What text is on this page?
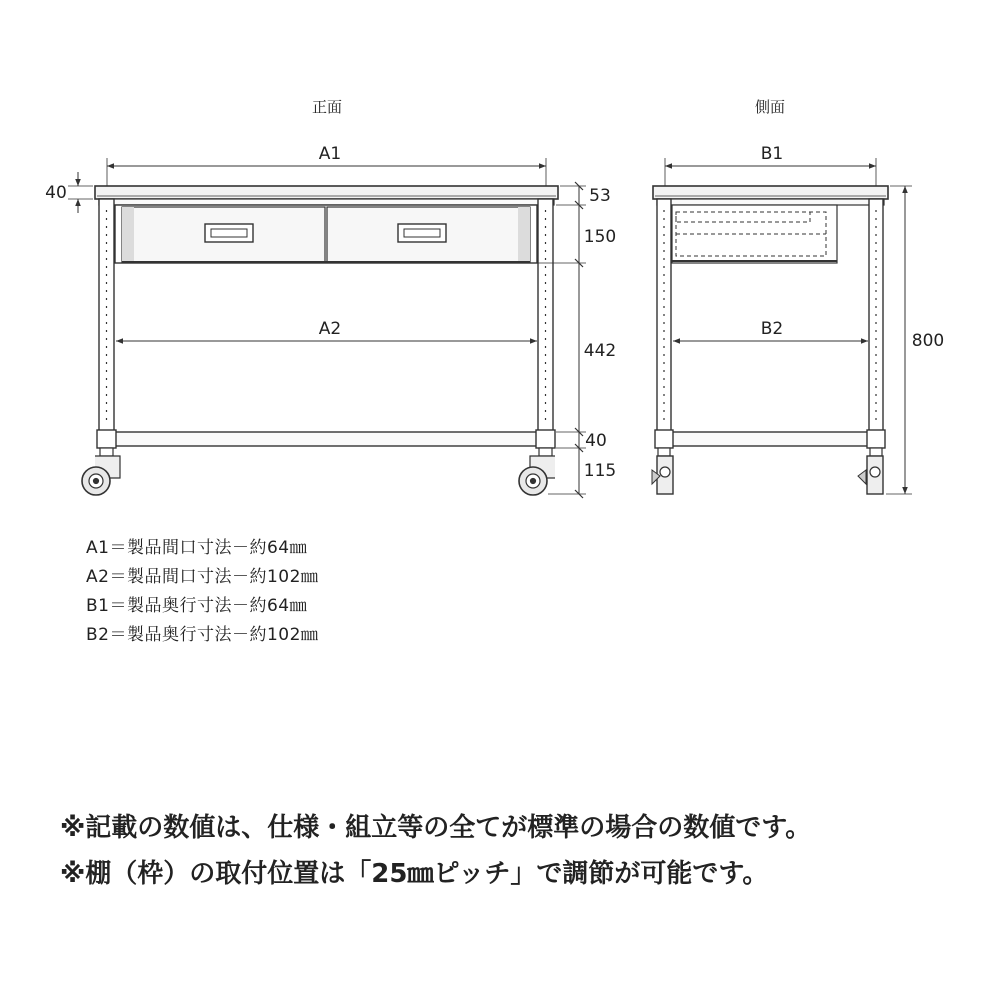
正面
A1
A2
40	53
150
442
40
115
側面
B1
B2
800
A1＝製品間口寸法－約64㎜
A2＝製品間口寸法－約102㎜
B1＝製品奥行寸法－約64㎜
B2＝製品奥行寸法－約102㎜
※記載の数値は、仕様・組立等の全てが標準の場合の数値です。
※棚（枠）の取付位置は「25㎜ピッチ」で調節が可能です。
